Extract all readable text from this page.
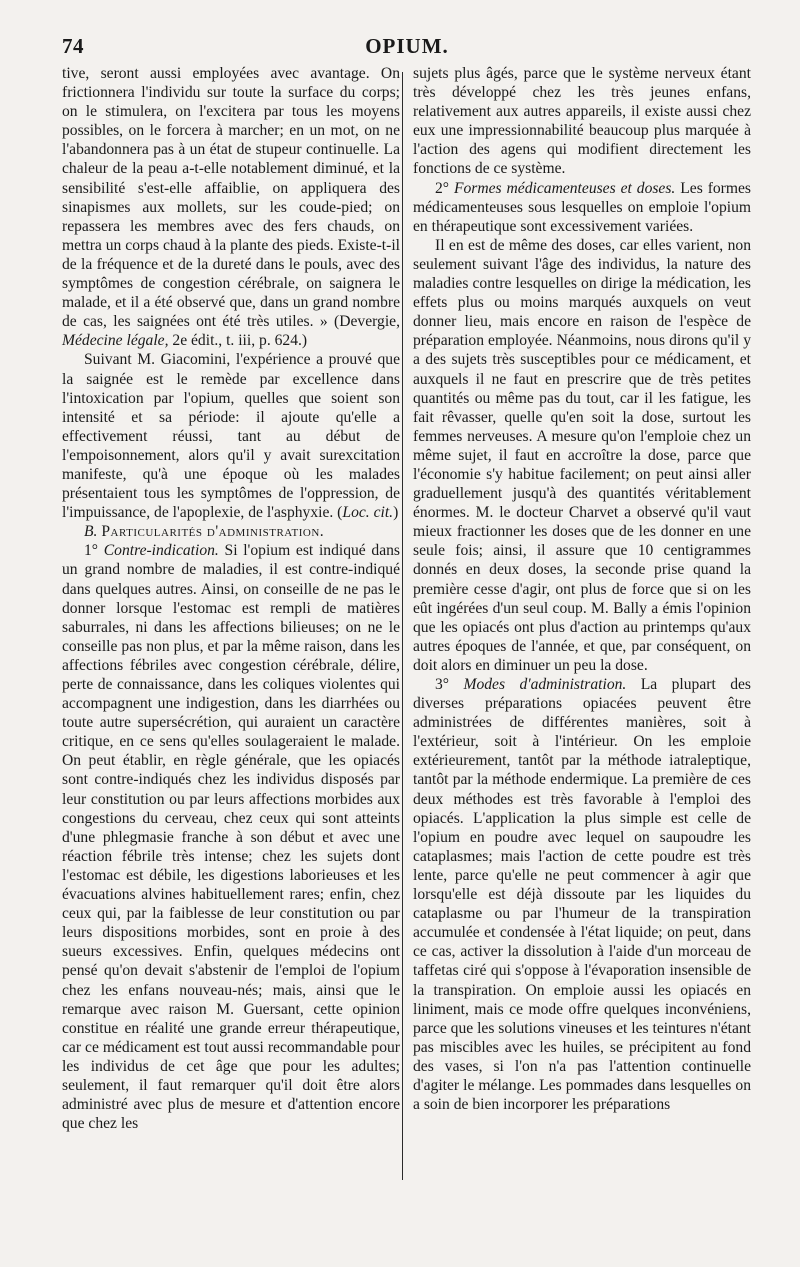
74	OPIUM.

tive, seront aussi employées avec avantage. On frictionnera l'individu sur toute la surface du corps; on le stimulera, on l'excitera par tous les moyens possibles, on le forcera à marcher; en un mot, on ne l'abandonnera pas à un état de stupeur continuelle. La chaleur de la peau a-t-elle notablement diminué, et la sensibilité s'est-elle affaiblie, on appliquera des sinapismes aux mollets, sur les coude-pied; on repassera les membres avec des fers chauds, on mettra un corps chaud à la plante des pieds. Existe-t-il de la fréquence et de la dureté dans le pouls, avec des symptômes de congestion cérébrale, on saignera le malade, et il a été observé que, dans un grand nombre de cas, les saignées ont été très utiles. » (Devergie, Médecine légale, 2e édit., t. iii, p. 624.)

Suivant M. Giacomini, l'expérience a prouvé que la saignée est le remède par excellence dans l'intoxication par l'opium, quelles que soient son intensité et sa période: il ajoute qu'elle a effectivement réussi, tant au début de l'empoisonnement, alors qu'il y avait surexcitation manifeste, qu'à une époque où les malades présentaient tous les symptômes de l'oppression, de l'impuissance, de l'apoplexie, de l'asphyxie. (Loc. cit.)

B. Particularités d'administration.

1° Contre-indication. Si l'opium est indiqué dans un grand nombre de maladies, il est contre-indiqué dans quelques autres. Ainsi, on conseille de ne pas le donner lorsque l'estomac est rempli de matières saburrales, ni dans les affections bilieuses; on ne le conseille pas non plus, et par la même raison, dans les affections fébriles avec congestion cérébrale, délire, perte de connaissance, dans les coliques violentes qui accompagnent une indigestion, dans les diarrhées ou toute autre supersécrétion, qui auraient un caractère critique, en ce sens qu'elles soulageraient le malade. On peut établir, en règle générale, que les opiacés sont contre-indiqués chez les individus disposés par leur constitution ou par leurs affections morbides aux congestions du cerveau, chez ceux qui sont atteints d'une phlegmasie franche à son début et avec une réaction fébrile très intense; chez les sujets dont l'estomac est débile, les digestions laborieuses et les évacuations alvines habituellement rares; enfin, chez ceux qui, par la faiblesse de leur constitution ou par leurs dispositions morbides, sont en proie à des sueurs excessives. Enfin, quelques médecins ont pensé qu'on devait s'abstenir de l'emploi de l'opium chez les enfans nouveau-nés; mais, ainsi que le remarque avec raison M. Guersant, cette opinion constitue en réalité une grande erreur thérapeutique, car ce médicament est tout aussi recommandable pour les individus de cet âge que pour les adultes; seulement, il faut remarquer qu'il doit être alors administré avec plus de mesure et d'attention encore que chez les

sujets plus âgés, parce que le système nerveux étant très développé chez les très jeunes enfans, relativement aux autres appareils, il existe aussi chez eux une impressionnabilité beaucoup plus marquée à l'action des agens qui modifient directement les fonctions de ce système.

2° Formes médicamenteuses et doses. Les formes médicamenteuses sous lesquelles on emploie l'opium en thérapeutique sont excessivement variées.

Il en est de même des doses, car elles varient, non seulement suivant l'âge des individus, la nature des maladies contre lesquelles on dirige la médication, les effets plus ou moins marqués auxquels on veut donner lieu, mais encore en raison de l'espèce de préparation employée. Néanmoins, nous dirons qu'il y a des sujets très susceptibles pour ce médicament, et auxquels il ne faut en prescrire que de très petites quantités ou même pas du tout, car il les fatigue, les fait rêvasser, quelle qu'en soit la dose, surtout les femmes nerveuses. A mesure qu'on l'emploie chez un même sujet, il faut en accroître la dose, parce que l'économie s'y habitue facilement; on peut ainsi aller graduellement jusqu'à des quantités véritablement énormes. M. le docteur Charvet a observé qu'il vaut mieux fractionner les doses que de les donner en une seule fois; ainsi, il assure que 10 centigrammes donnés en deux doses, la seconde prise quand la première cesse d'agir, ont plus de force que si on les eût ingérées d'un seul coup. M. Bally a émis l'opinion que les opiacés ont plus d'action au printemps qu'aux autres époques de l'année, et que, par conséquent, on doit alors en diminuer un peu la dose.

3° Modes d'administration. La plupart des diverses préparations opiacées peuvent être administrées de différentes manières, soit à l'extérieur, soit à l'intérieur. On les emploie extérieurement, tantôt par la méthode iatraleptique, tantôt par la méthode endermique. La première de ces deux méthodes est très favorable à l'emploi des opiacés. L'application la plus simple est celle de l'opium en poudre avec lequel on saupoudre les cataplasmes; mais l'action de cette poudre est très lente, parce qu'elle ne peut commencer à agir que lorsqu'elle est déjà dissoute par les liquides du cataplasme ou par l'humeur de la transpiration accumulée et condensée à l'état liquide; on peut, dans ce cas, activer la dissolution à l'aide d'un morceau de taffetas ciré qui s'oppose à l'évaporation insensible de la transpiration. On emploie aussi les opiacés en liniment, mais ce mode offre quelques inconvéniens, parce que les solutions vineuses et les teintures n'étant pas miscibles avec les huiles, se précipitent au fond des vases, si l'on n'a pas l'attention continuelle d'agiter le mélange. Les pommades dans lesquelles on a soin de bien incorporer les préparations
